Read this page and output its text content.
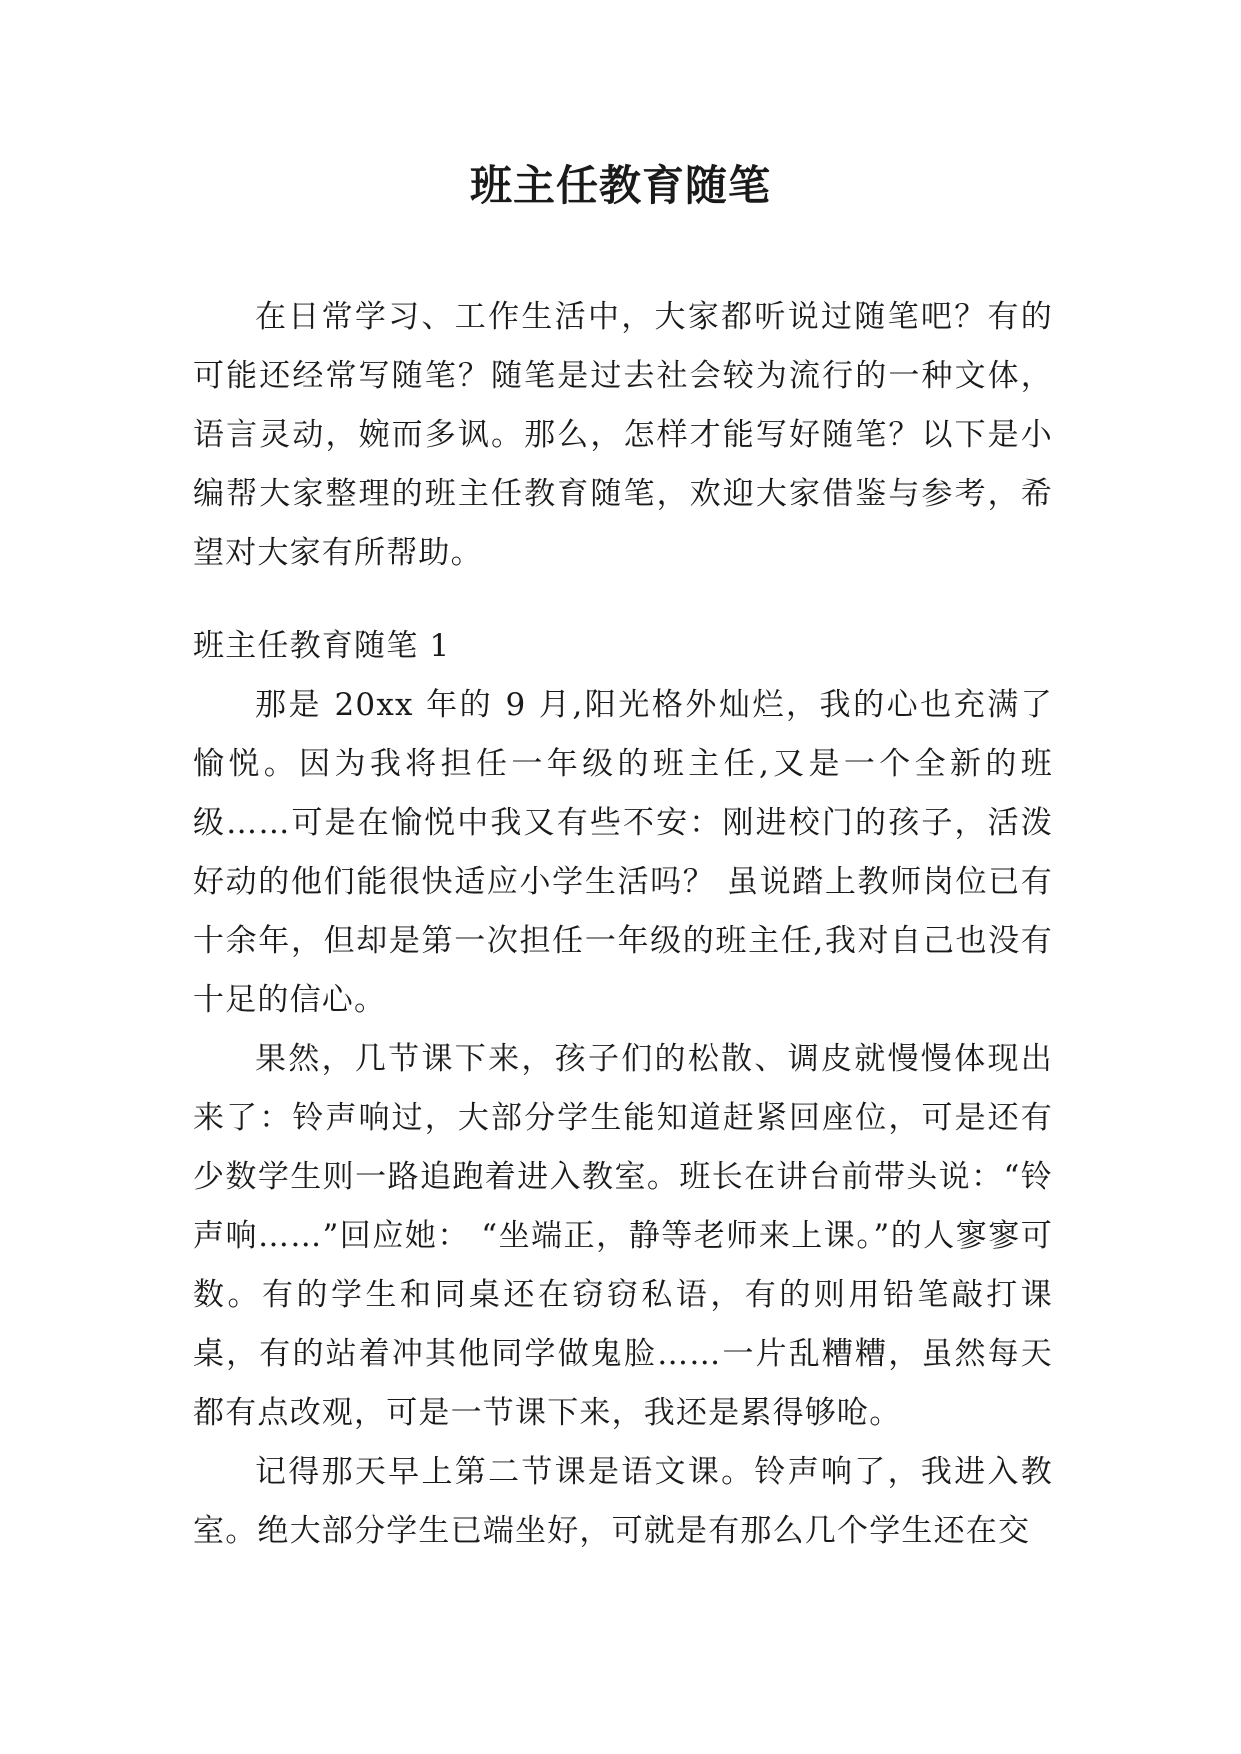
班主任教育随笔

在日常学习、工作生活中，大家都听说过随笔吧？有的可能还经常写随笔？随笔是过去社会较为流行的一种文体，语言灵动，婉而多讽。那么，怎样才能写好随笔？以下是小编帮大家整理的班主任教育随笔，欢迎大家借鉴与参考，希望对大家有所帮助。

班主任教育随笔 1

那是 20xx 年的 9 月,阳光格外灿烂，我的心也充满了愉悦。因为我将担任一年级的班主任,又是一个全新的班级……可是在愉悦中我又有些不安：刚进校门的孩子，活泼好动的他们能很快适应小学生活吗？ 虽说踏上教师岗位已有十余年，但却是第一次担任一年级的班主任,我对自己也没有十足的信心。

果然，几节课下来，孩子们的松散、调皮就慢慢体现出来了：铃声响过，大部分学生能知道赶紧回座位，可是还有少数学生则一路追跑着进入教室。班长在讲台前带头说：“铃声响……”回应她： “坐端正，静等老师来上课。”的人寥寥可数。有的学生和同桌还在窃窃私语，有的则用铅笔敲打课桌，有的站着冲其他同学做鬼脸……一片乱糟糟，虽然每天都有点改观，可是一节课下来，我还是累得够呛。

记得那天早上第二节课是语文课。铃声响了，我进入教室。绝大部分学生已端坐好，可就是有那么几个学生还在交
